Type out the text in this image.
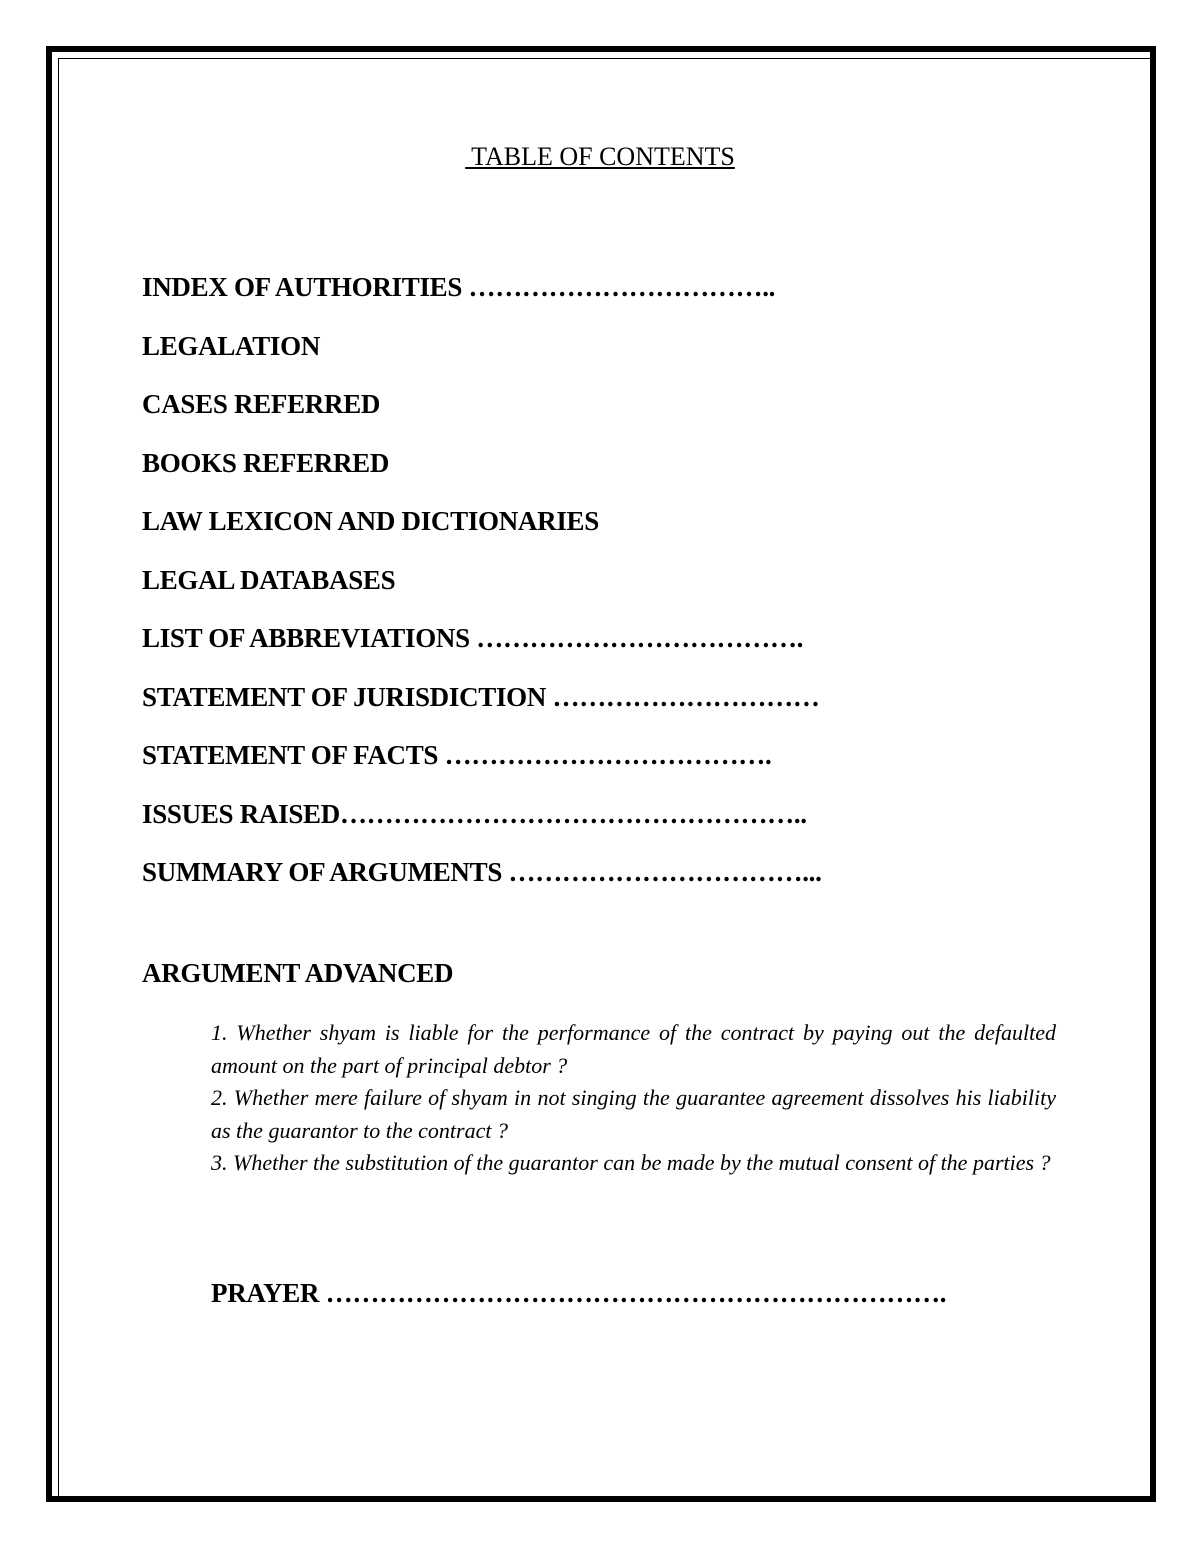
TABLE OF CONTENTS
INDEX OF AUTHORITIES ……………………………..
LEGALATION
CASES REFERRED
BOOKS REFERRED
LAW LEXICON AND DICTIONARIES
LEGAL DATABASES
LIST OF ABBREVIATIONS ……………………………….
STATEMENT OF JURISDICTION …………………………
STATEMENT OF FACTS ……………………………….
ISSUES RAISED……………………………………………..
SUMMARY OF ARGUMENTS ……………………………...
ARGUMENT ADVANCED
1. Whether shyam is liable for the performance of the contract by paying out the defaulted amount on the part of principal debtor ?
2. Whether mere failure of shyam in not singing the guarantee agreement dissolves his liability as the guarantor to the contract ?
3. Whether the substitution of the guarantor can be made by the mutual consent of the parties ?
PRAYER …………………………………………………………….
